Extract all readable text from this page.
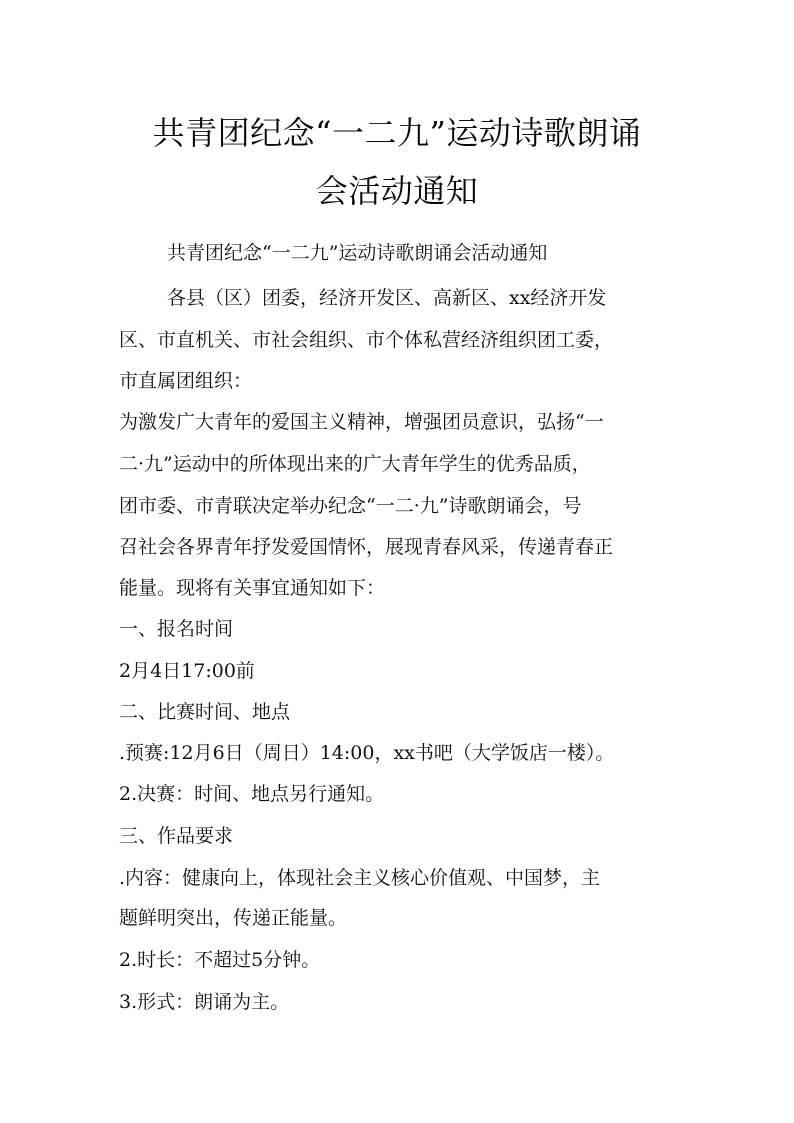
共青团纪念“一二九”运动诗歌朗诵
会活动通知
共青团纪念“一二九”运动诗歌朗诵会活动通知
各县（区）团委，经济开发区、高新区、xx经济开发
区、市直机关、市社会组织、市个体私营经济组织团工委，
市直属团组织：
为激发广大青年的爱国主义精神，增强团员意识，弘扬“一
二·九”运动中的所体现出来的广大青年学生的优秀品质，
团市委、市青联决定举办纪念“一二·九”诗歌朗诵会，号
召社会各界青年抒发爱国情怀，展现青春风采，传递青春正
能量。现将有关事宜通知如下：
一、报名时间
2月4日17:00前
二、比赛时间、地点
.预赛:12月6日（周日）14:00，xx书吧（大学饭店一楼）。
2.决赛：时间、地点另行通知。
三、作品要求
.内容：健康向上，体现社会主义核心价值观、中国梦，主
题鲜明突出，传递正能量。
2.时长：不超过5分钟。
3.形式：朗诵为主。
